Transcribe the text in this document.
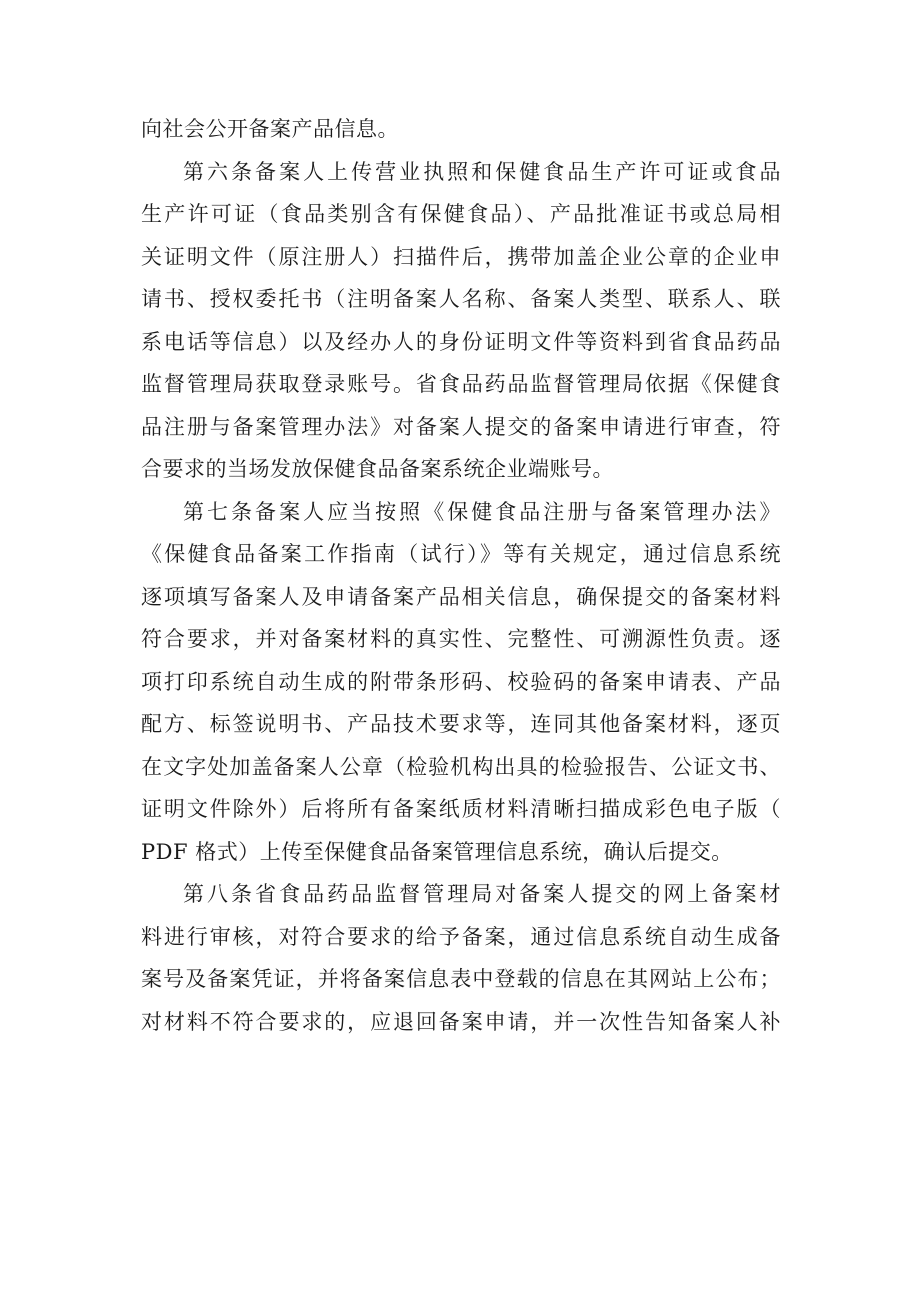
向社会公开备案产品信息。
第六条备案人上传营业执照和保健食品生产许可证或食品
生产许可证（食品类别含有保健食品）、产品批准证书或总局相
关证明文件（原注册人）扫描件后，携带加盖企业公章的企业申
请书、授权委托书（注明备案人名称、备案人类型、联系人、联
系电话等信息）以及经办人的身份证明文件等资料到省食品药品
监督管理局获取登录账号。省食品药品监督管理局依据《保健食
品注册与备案管理办法》对备案人提交的备案申请进行审查，符
合要求的当场发放保健食品备案系统企业端账号。
第七条备案人应当按照《保健食品注册与备案管理办法》
《保健食品备案工作指南（试行）》等有关规定，通过信息系统
逐项填写备案人及申请备案产品相关信息，确保提交的备案材料
符合要求，并对备案材料的真实性、完整性、可溯源性负责。逐
项打印系统自动生成的附带条形码、校验码的备案申请表、产品
配方、标签说明书、产品技术要求等，连同其他备案材料，逐页
在文字处加盖备案人公章（检验机构出具的检验报告、公证文书、
证明文件除外）后将所有备案纸质材料清晰扫描成彩色电子版（
PDF 格式）上传至保健食品备案管理信息系统，确认后提交。
第八条省食品药品监督管理局对备案人提交的网上备案材
料进行审核，对符合要求的给予备案，通过信息系统自动生成备
案号及备案凭证，并将备案信息表中登载的信息在其网站上公布；
对材料不符合要求的，应退回备案申请，并一次性告知备案人补
